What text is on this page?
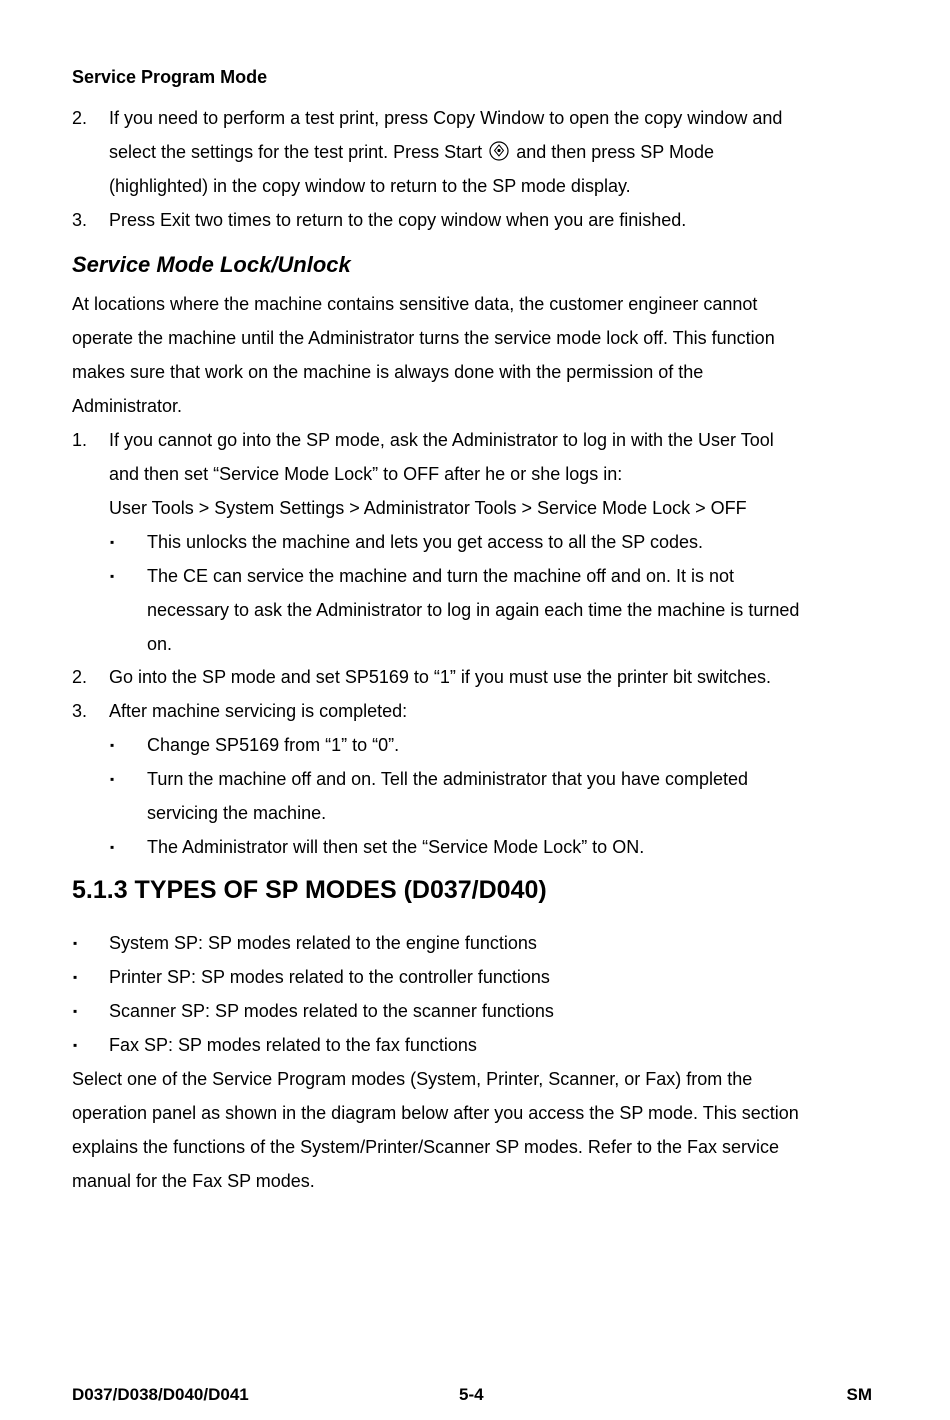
Service Program Mode
2. If you need to perform a test print, press Copy Window to open the copy window and
select the settings for the test print. Press Start and then press SP Mode
(highlighted) in the copy window to return to the SP mode display.
3. Press Exit two times to return to the copy window when you are finished.
Service Mode Lock/Unlock
At locations where the machine contains sensitive data, the customer engineer cannot
operate the machine until the Administrator turns the service mode lock off. This function
makes sure that work on the machine is always done with the permission of the
Administrator.
1. If you cannot go into the SP mode, ask the Administrator to log in with the User Tool
and then set “Service Mode Lock” to OFF after he or she logs in:
User Tools > System Settings > Administrator Tools > Service Mode Lock > OFF
▪ This unlocks the machine and lets you get access to all the SP codes.
▪ The CE can service the machine and turn the machine off and on. It is not
necessary to ask the Administrator to log in again each time the machine is turned
on.
2. Go into the SP mode and set SP5169 to “1” if you must use the printer bit switches.
3. After machine servicing is completed:
▪ Change SP5169 from “1” to “0”.
▪ Turn the machine off and on. Tell the administrator that you have completed
servicing the machine.
▪ The Administrator will then set the “Service Mode Lock” to ON.
5.1.3 TYPES OF SP MODES (D037/D040)
▪ System SP: SP modes related to the engine functions
▪ Printer SP: SP modes related to the controller functions
▪ Scanner SP: SP modes related to the scanner functions
▪ Fax SP: SP modes related to the fax functions
Select one of the Service Program modes (System, Printer, Scanner, or Fax) from the
operation panel as shown in the diagram below after you access the SP mode. This section
explains the functions of the System/Printer/Scanner SP modes. Refer to the Fax service
manual for the Fax SP modes.
D037/D038/D040/D041	5-4	SM
